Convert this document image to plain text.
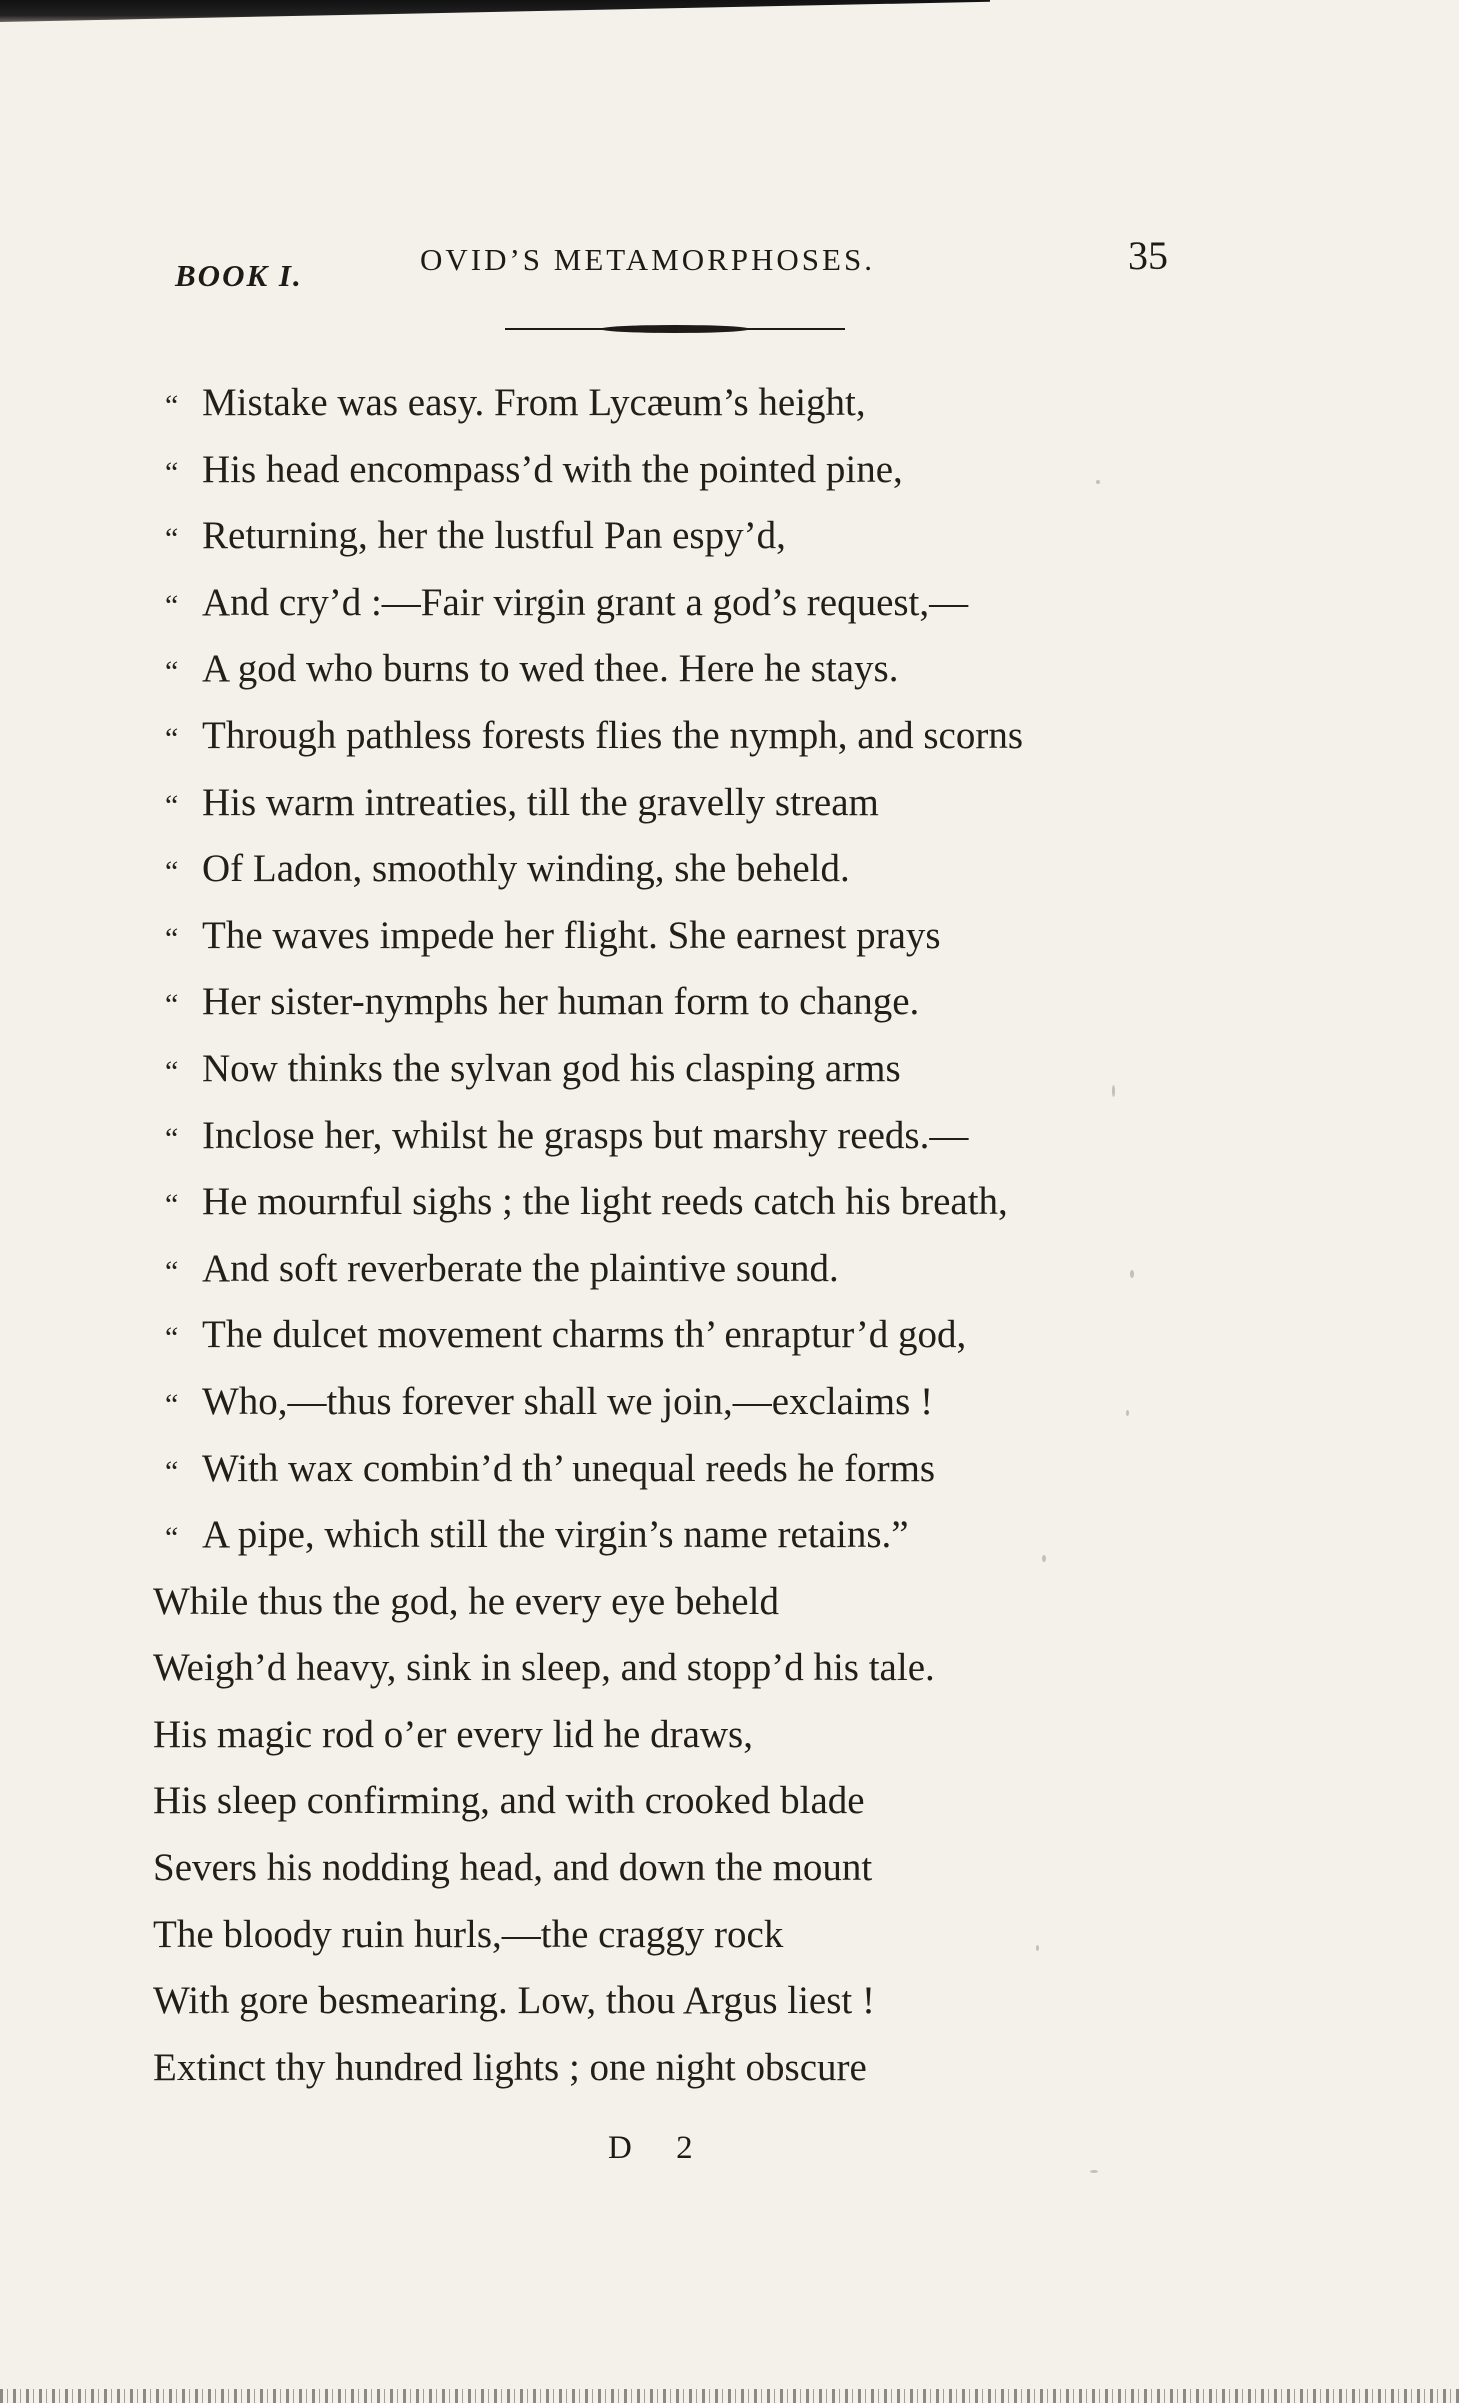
BOOK I.	OVID’S METAMORPHOSES.	35
“ Mistake was easy. From Lycæum’s height,
“ His head encompass’d with the pointed pine,
“ Returning, her the lustful Pan espy’d,
“ And cry’d :—Fair virgin grant a god’s request,—
“ A god who burns to wed thee. Here he stays.
“ Through pathless forests flies the nymph, and scorns
“ His warm intreaties, till the gravelly stream
“ Of Ladon, smoothly winding, she beheld.
“ The waves impede her flight. She earnest prays
“ Her sister-nymphs her human form to change.
“ Now thinks the sylvan god his clasping arms
“ Inclose her, whilst he grasps but marshy reeds.—
“ He mournful sighs ; the light reeds catch his breath,
“ And soft reverberate the plaintive sound.
“ The dulcet movement charms th’ enraptur’d god,
“ Who,—thus forever shall we join,—exclaims !
“ With wax combin’d th’ unequal reeds he forms
“ A pipe, which still the virgin’s name retains.”
While thus the god, he every eye beheld
Weigh’d heavy, sink in sleep, and stopp’d his tale.
His magic rod o’er every lid he draws,
His sleep confirming, and with crooked blade
Severs his nodding head, and down the mount
The bloody ruin hurls,—the craggy rock
With gore besmearing. Low, thou Argus liest !
Extinct thy hundred lights ; one night obscure
D 2
